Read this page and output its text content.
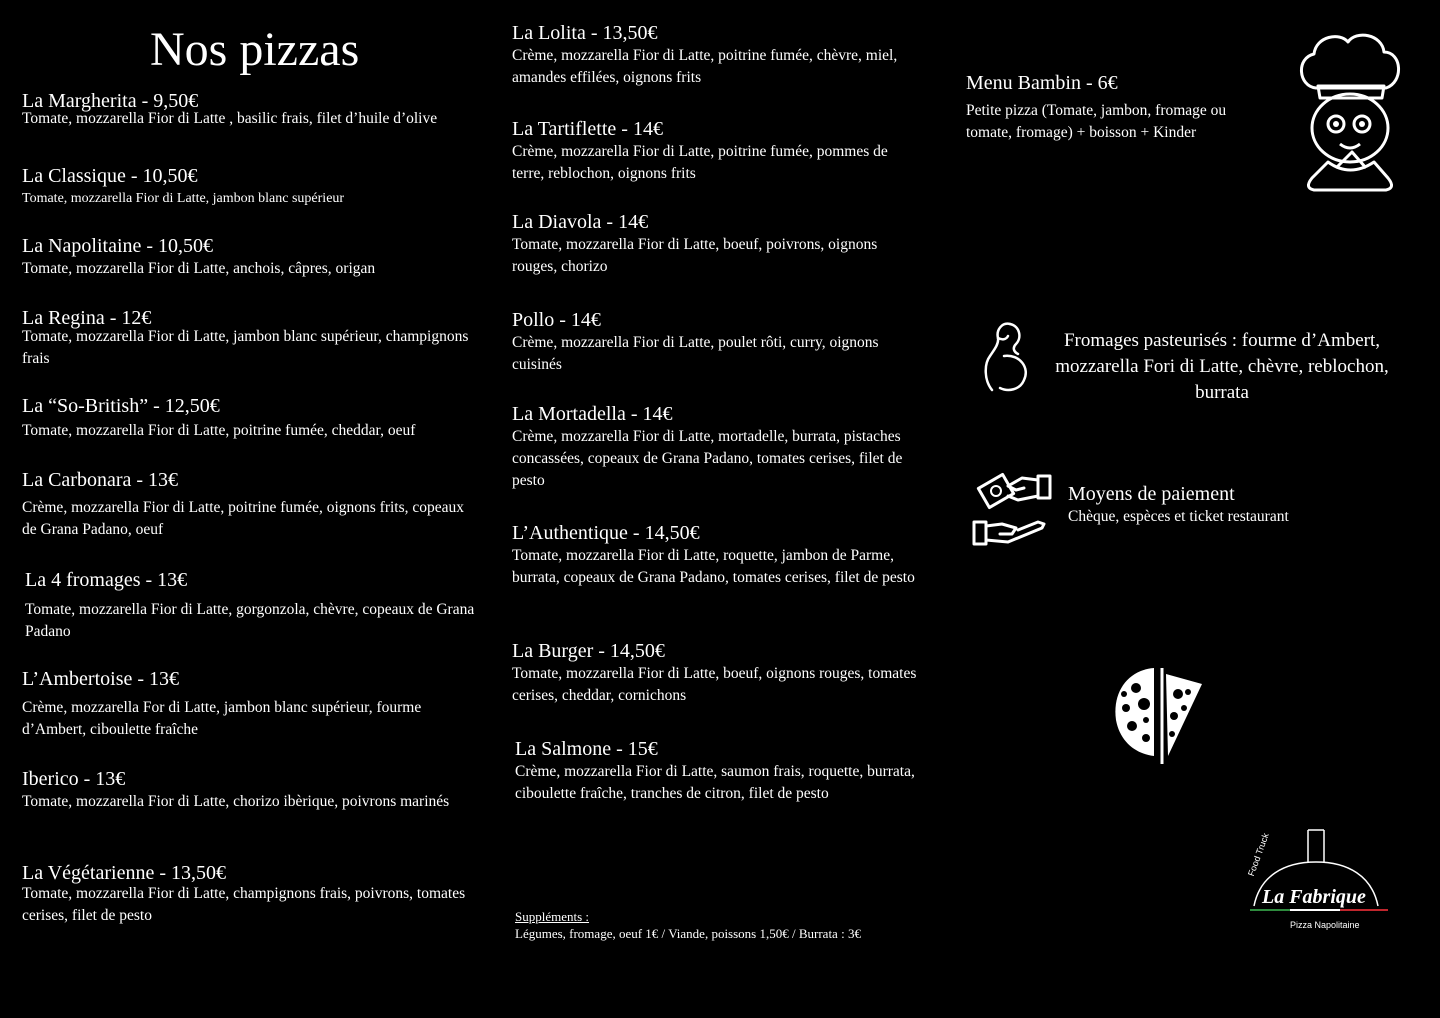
Nos pizzas
La Margherita - 9,50€
Tomate, mozzarella Fior di Latte , basilic frais, filet d’huile d’olive
La Classique - 10,50€
Tomate, mozzarella Fior di Latte, jambon blanc supérieur
La Napolitaine - 10,50€
Tomate, mozzarella Fior di Latte, anchois, câpres, origan
La Regina - 12€
Tomate, mozzarella Fior di Latte, jambon blanc supérieur, champignons frais
La “So-British” - 12,50€
Tomate, mozzarella Fior di Latte, poitrine fumée, cheddar, oeuf
La Carbonara - 13€
Crème, mozzarella Fior di Latte, poitrine fumée, oignons frits, copeaux de Grana Padano, oeuf
La 4 fromages - 13€
Tomate, mozzarella Fior di Latte, gorgonzola, chèvre, copeaux de Grana Padano
L’Ambertoise - 13€
Crème, mozzarella For di Latte, jambon blanc supérieur, fourme d’Ambert, ciboulette fraîche
Iberico - 13€
Tomate, mozzarella Fior di Latte, chorizo ibèrique, poivrons marinés
La Végétarienne - 13,50€
Tomate, mozzarella Fior di Latte, champignons frais, poivrons, tomates cerises, filet de pesto
La Lolita - 13,50€
Crème, mozzarella Fior di Latte, poitrine fumée, chèvre, miel, amandes effilées, oignons frits
La Tartiflette - 14€
Crème, mozzarella Fior di Latte, poitrine fumée, pommes de terre, reblochon, oignons frits
La Diavola - 14€
Tomate, mozzarella Fior di Latte, boeuf, poivrons, oignons rouges, chorizo
Pollo - 14€
Crème, mozzarella Fior di Latte, poulet rôti, curry, oignons cuisinés
La Mortadella - 14€
Crème, mozzarella Fior di Latte, mortadelle, burrata, pistaches concassées, copeaux de Grana Padano, tomates cerises, filet de pesto
L’Authentique - 14,50€
Tomate, mozzarella Fior di Latte, roquette, jambon de Parme, burrata, copeaux de Grana Padano, tomates cerises, filet de pesto
La Burger - 14,50€
Tomate, mozzarella Fior di Latte, boeuf, oignons rouges, tomates cerises, cheddar, cornichons
La Salmone - 15€
Crème, mozzarella Fior di Latte, saumon frais, roquette, burrata, ciboulette fraîche, tranches de citron, filet de pesto
Suppléments :
Légumes, fromage, oeuf 1€ / Viande, poissons 1,50€ / Burrata : 3€
Menu Bambin - 6€
Petite pizza (Tomate, jambon, fromage ou tomate, fromage) + boisson + Kinder
Fromages pasteurisés : fourme d’Ambert, mozzarella Fori di Latte, chèvre, reblochon, burrata
Moyens de paiement
Chèque, espèces et ticket restaurant
Food Truck
La Fabrique
Pizza Napolitaine
